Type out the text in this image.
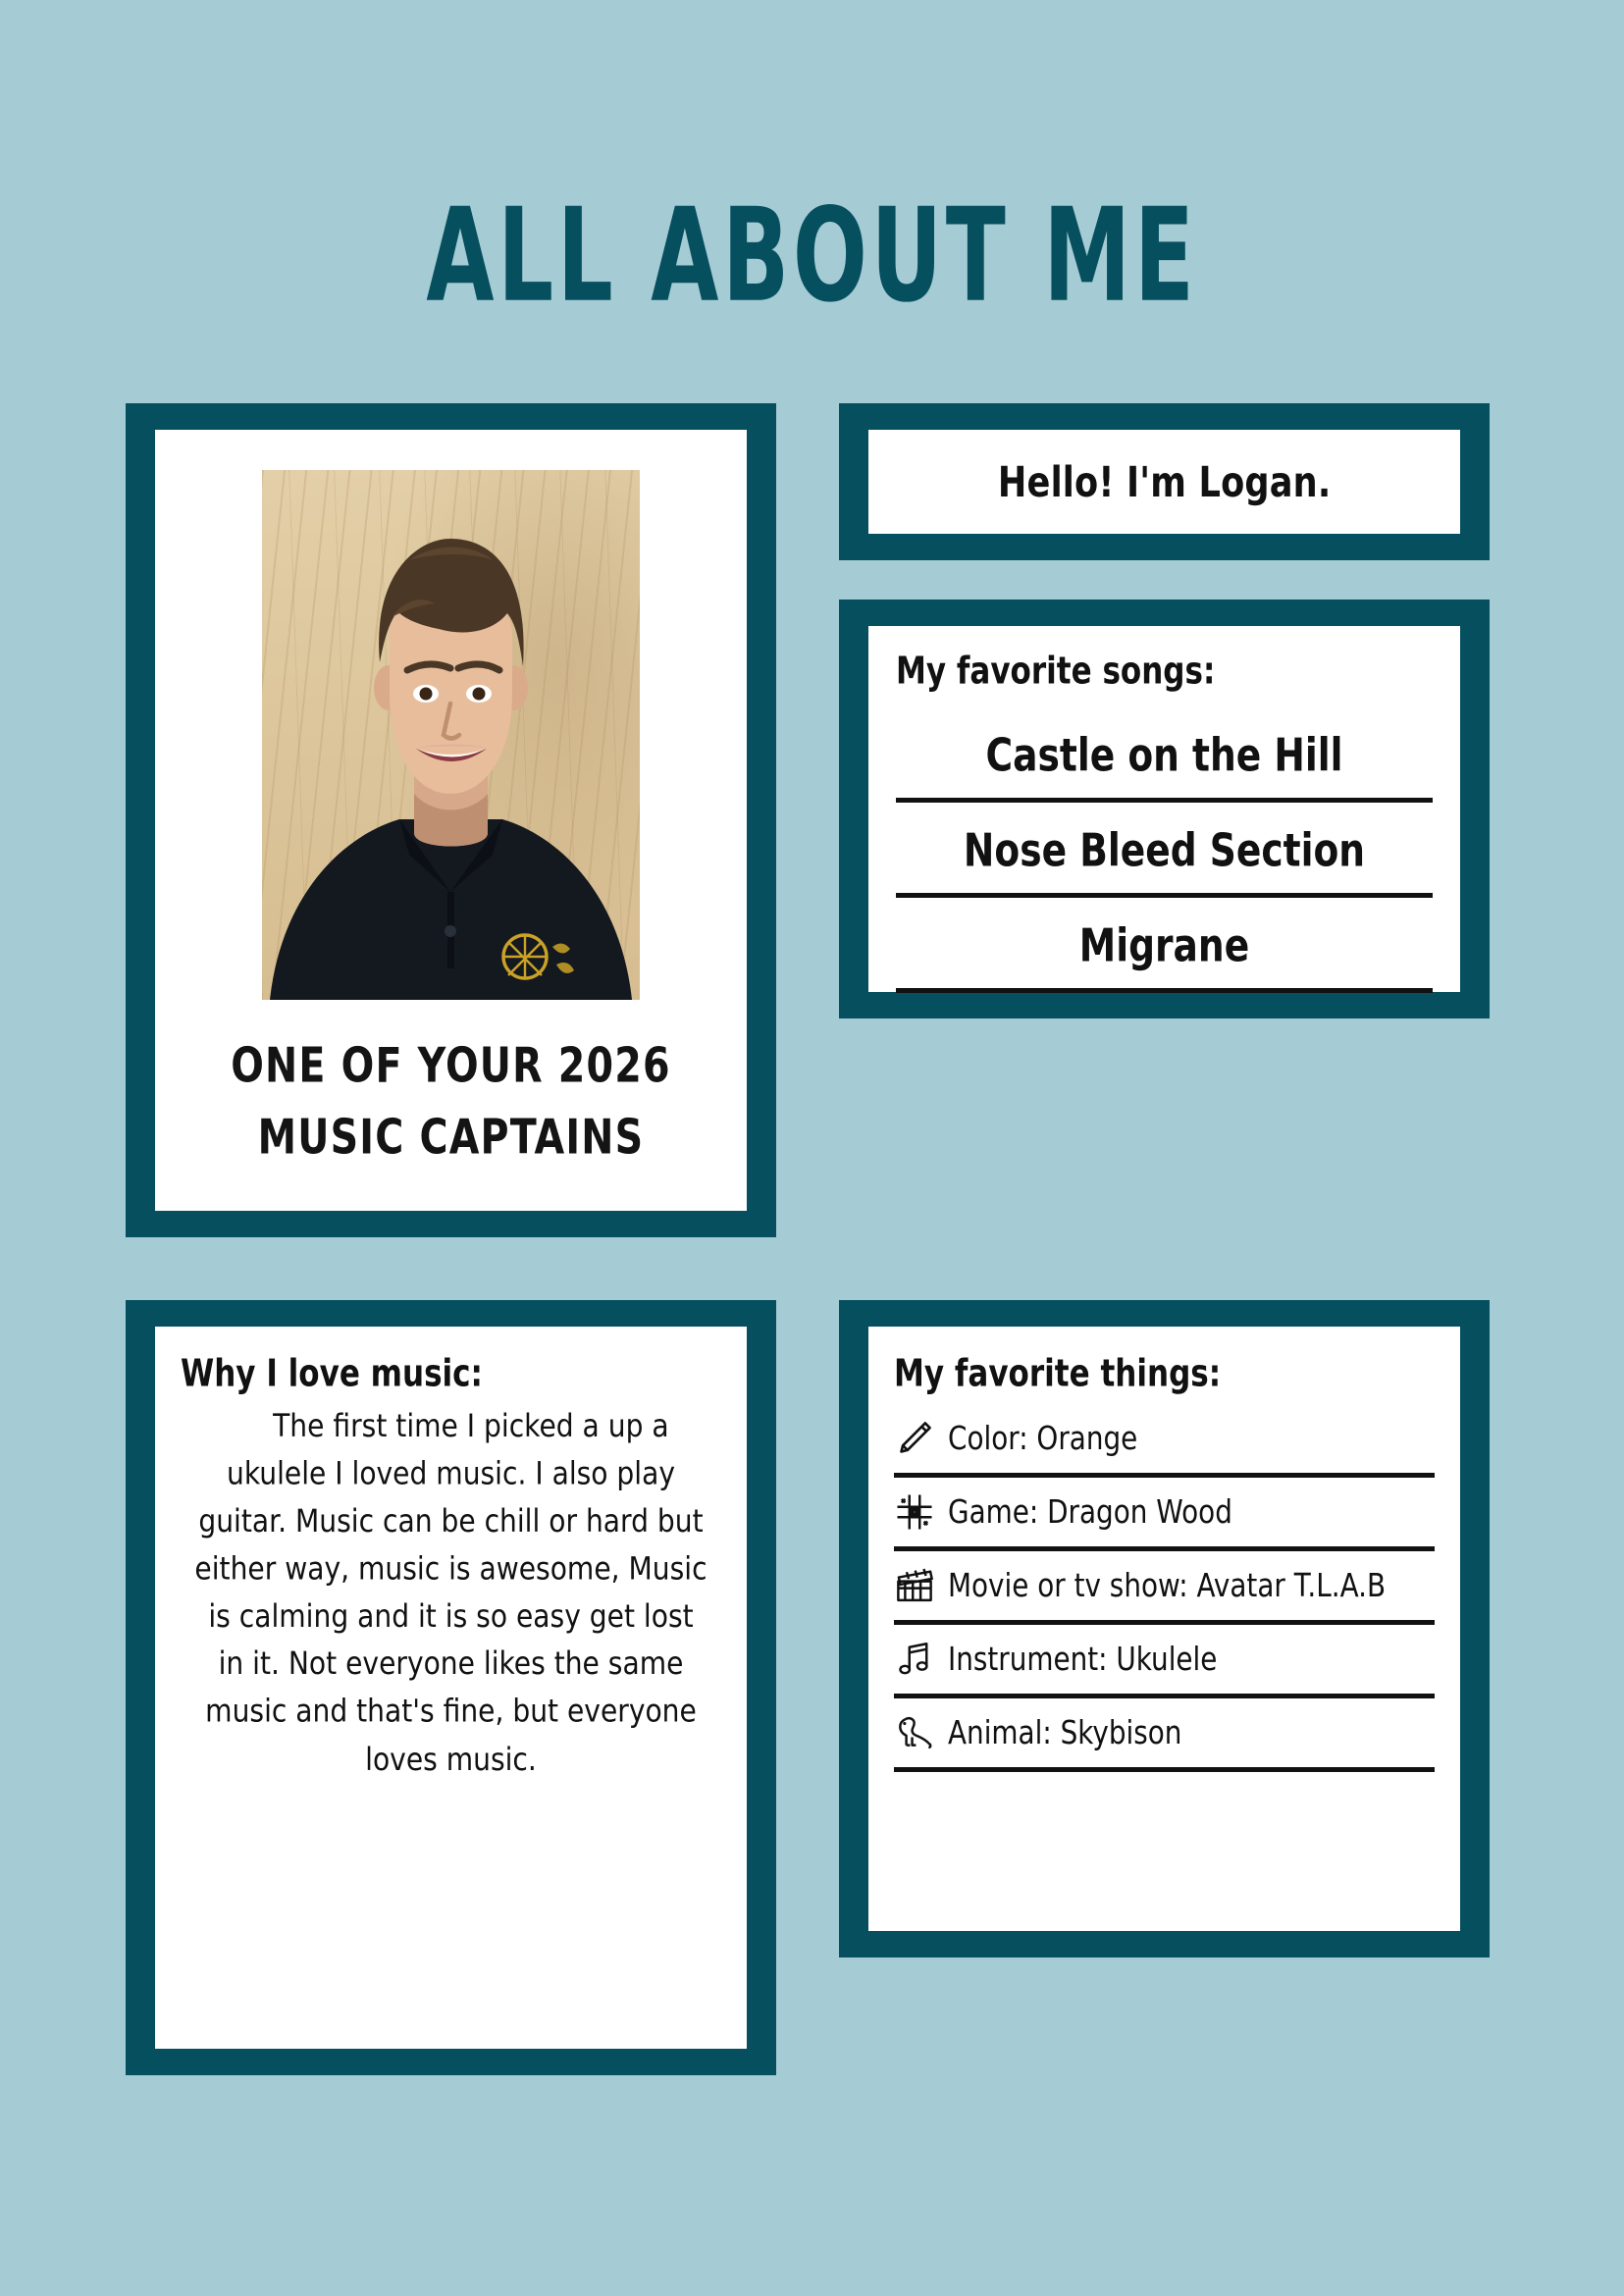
ALL ABOUT ME
ONE OF YOUR 2026
MUSIC CAPTAINS
Hello! I'm Logan.
My favorite songs:
Castle on the Hill
Nose Bleed Section
Migrane
Why I love music:
The first time I picked a up a ukulele I loved music. I also play guitar. Music can be chill or hard but either way, music is awesome, Music is calming and it is so easy get lost in it. Not everyone likes the same music and that's fine, but everyone loves music.
My favorite things:
Color: Orange
Game: Dragon Wood
Movie or tv show: Avatar T.L.A.B
Instrument: Ukulele
Animal: Skybison
